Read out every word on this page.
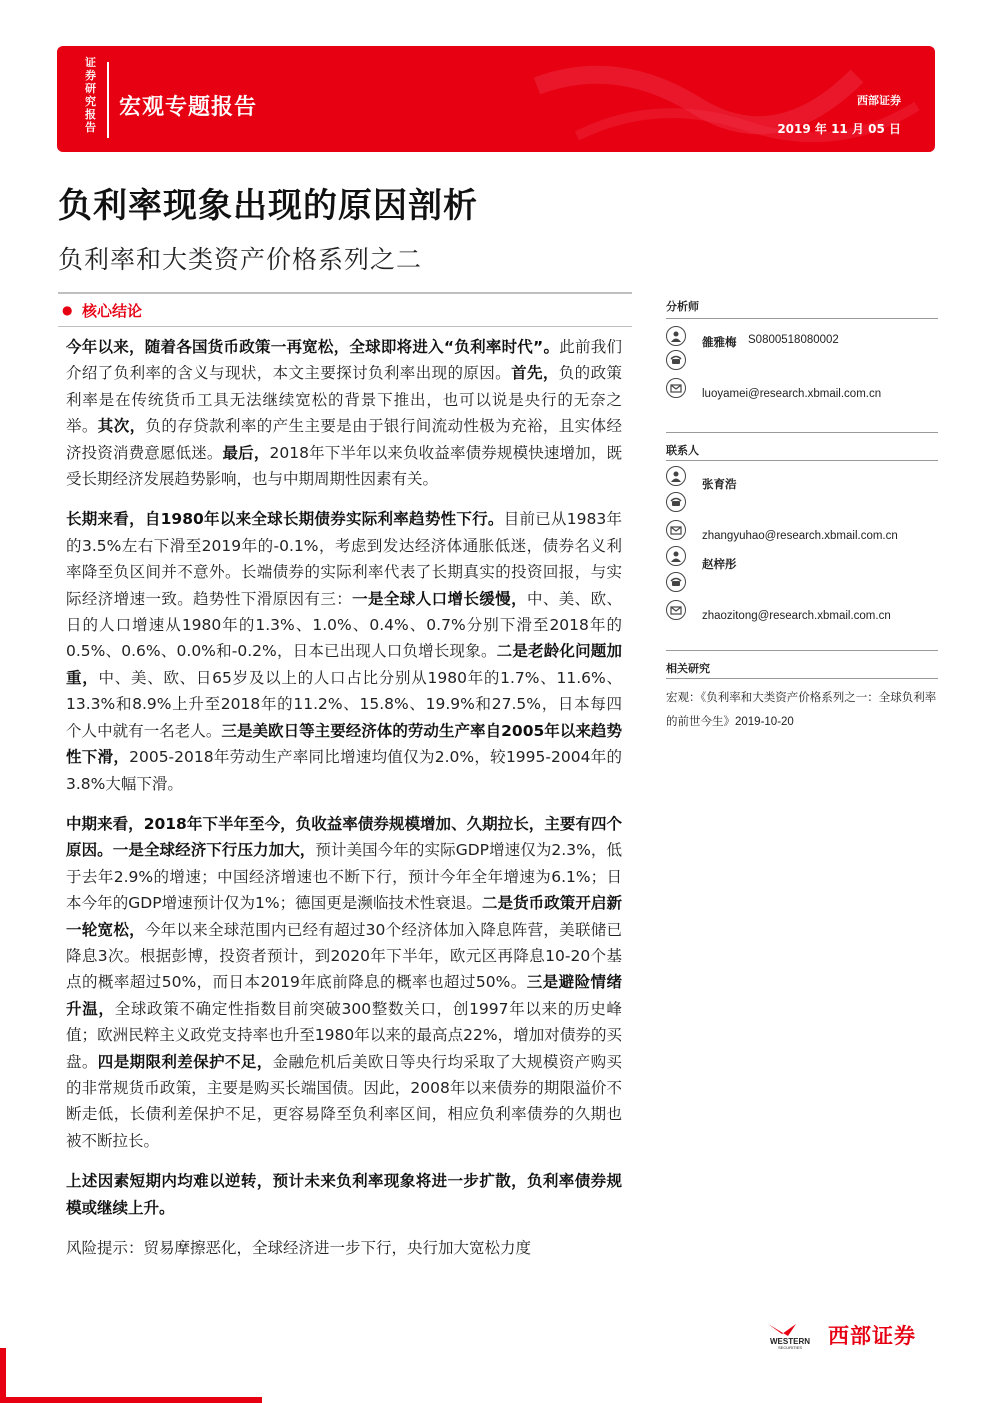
证券研究报告
宏观专题报告	西部证券
2019 年 11 月 05 日
负利率现象出现的原因剖析
负利率和大类资产价格系列之二
● 核心结论

今年以来，随着各国货币政策一再宽松，全球即将进入“负利率时代”。此前我们介绍了负利率的含义与现状，本文主要探讨负利率出现的原因。首先，负的政策利率是在传统货币工具无法继续宽松的背景下推出，也可以说是央行的无奈之举。其次，负的存贷款利率的产生主要是由于银行间流动性极为充裕，且实体经济投资消费意愿低迷。最后，2018年下半年以来负收益率债券规模快速增加，既受长期经济发展趋势影响，也与中期周期性因素有关。

长期来看，自1980年以来全球长期债券实际利率趋势性下行。目前已从1983年的3.5%左右下滑至2019年的-0.1%，考虑到发达经济体通胀低迷，债券名义利率降至负区间并不意外。长端债券的实际利率代表了长期真实的投资回报，与实际经济增速一致。趋势性下滑原因有三：一是全球人口增长缓慢，中、美、欧、日的人口增速从1980年的1.3%、1.0%、0.4%、0.7%分别下滑至2018年的0.5%、0.6%、0.0%和-0.2%，日本已出现人口负增长现象。二是老龄化问题加重，中、美、欧、日65岁及以上的人口占比分别从1980年的1.7%、11.6%、13.3%和8.9%上升至2018年的11.2%、15.8%、19.9%和27.5%，日本每四个人中就有一名老人。三是美欧日等主要经济体的劳动生产率自2005年以来趋势性下滑，2005-2018年劳动生产率同比增速均值仅为2.0%，较1995-2004年的3.8%大幅下滑。

中期来看，2018年下半年至今，负收益率债券规模增加、久期拉长，主要有四个原因。一是全球经济下行压力加大，预计美国今年的实际GDP增速仅为2.3%，低于去年2.9%的增速；中国经济增速也不断下行，预计今年全年增速为6.1%；日本今年的GDP增速预计仅为1%；德国更是濒临技术性衰退。二是货币政策开启新一轮宽松，今年以来全球范围内已经有超过30个经济体加入降息阵营，美联储已降息3次。根据彭博，投资者预计，到2020年下半年，欧元区再降息10-20个基点的概率超过50%，而日本2019年底前降息的概率也超过50%。三是避险情绪升温，全球政策不确定性指数目前突破300整数关口，创1997年以来的历史峰值；欧洲民粹主义政党支持率也升至1980年以来的最高点22%，增加对债券的买盘。四是期限利差保护不足，金融危机后美欧日等央行均采取了大规模资产购买的非常规货币政策，主要是购买长端国债。因此，2008年以来债券的期限溢价不断走低，长债利差保护不足，更容易降至负利率区间，相应负利率债券的久期也被不断拉长。

上述因素短期内均难以逆转，预计未来负利率现象将进一步扩散，负利率债券规模或继续上升。

风险提示：贸易摩擦恶化，全球经济进一步下行，央行加大宽松力度

分析师
雒雅梅 S0800518080002
luoyamei@research.xbmail.com.cn
联系人
张育浩
zhangyuhao@research.xbmail.com.cn
赵梓彤
zhaozitong@research.xbmail.com.cn
相关研究
宏观：《负利率和大类资产价格系列之一：全球负利率的前世今生》2019-10-20
WESTERN
SECURITIES 西部证券
